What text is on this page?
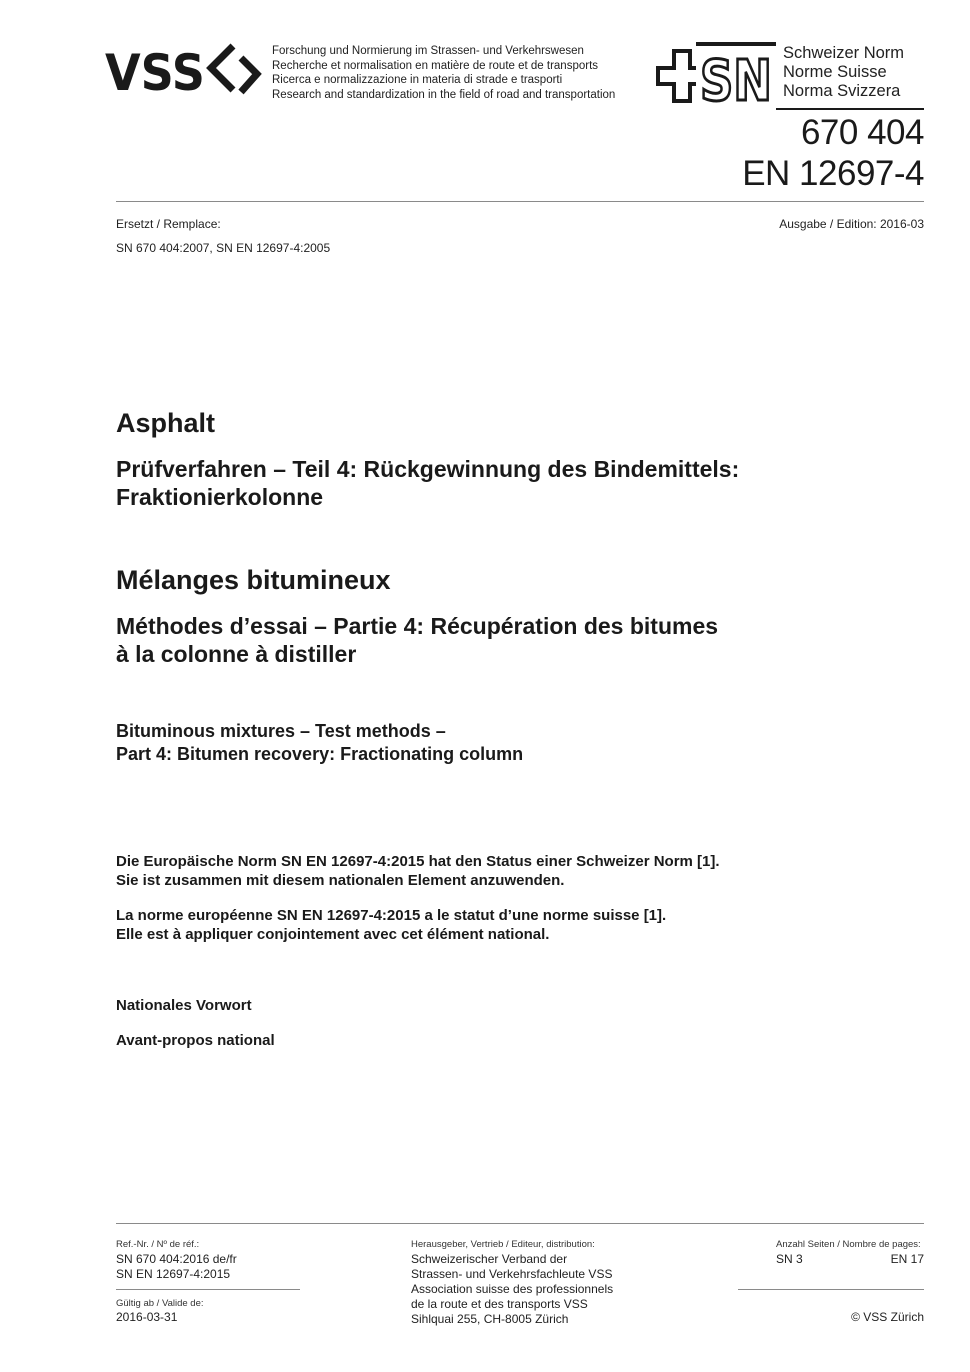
VSS	Forschung und Normierung im Strassen- und Verkehrswesen
Recherche et normalisation en matière de route et de transports
Ricerca e normalizzazione in materia di strade e trasporti
Research and standardization in the field of road and transportation SN Schweizer Norm
Norme Suisse
Norma Svizzera
670 404
EN 12697-4
Ersetzt / Remplace:
SN 670 404:2007, SN EN 12697-4:2005
Ausgabe / Edition: 2016-03
Asphalt
Prüfverfahren – Teil 4: Rückgewinnung des Bindemittels:
Fraktionierkolonne
Mélanges bitumineux
Méthodes d’essai – Partie 4: Récupération des bitumes
à la colonne à distiller
Bituminous mixtures – Test methods –
Part 4: Bitumen recovery: Fractionating column
Die Europäische Norm SN EN 12697-4:2015 hat den Status einer Schweizer Norm [1].
Sie ist zusammen mit diesem nationalen Element anzuwenden.
La norme européenne SN EN 12697-4:2015 a le statut d’une norme suisse [1].
Elle est à appliquer conjointement avec cet élément national.
Nationales Vorwort
Avant-propos national
Ref.-Nr. / Nº de réf.:
SN 670 404:2016 de/fr
SN EN 12697-4:2015
Gültig ab / Valide de:
2016-03-31
Herausgeber, Vertrieb / Editeur, distribution:
Schweizerischer Verband der
Strassen- und Verkehrsfachleute VSS
Association suisse des professionnels
de la route et des transports VSS
Sihlquai 255, CH-8005 Zürich
Anzahl Seiten / Nombre de pages:
SN 3	EN 17
© VSS Zürich
